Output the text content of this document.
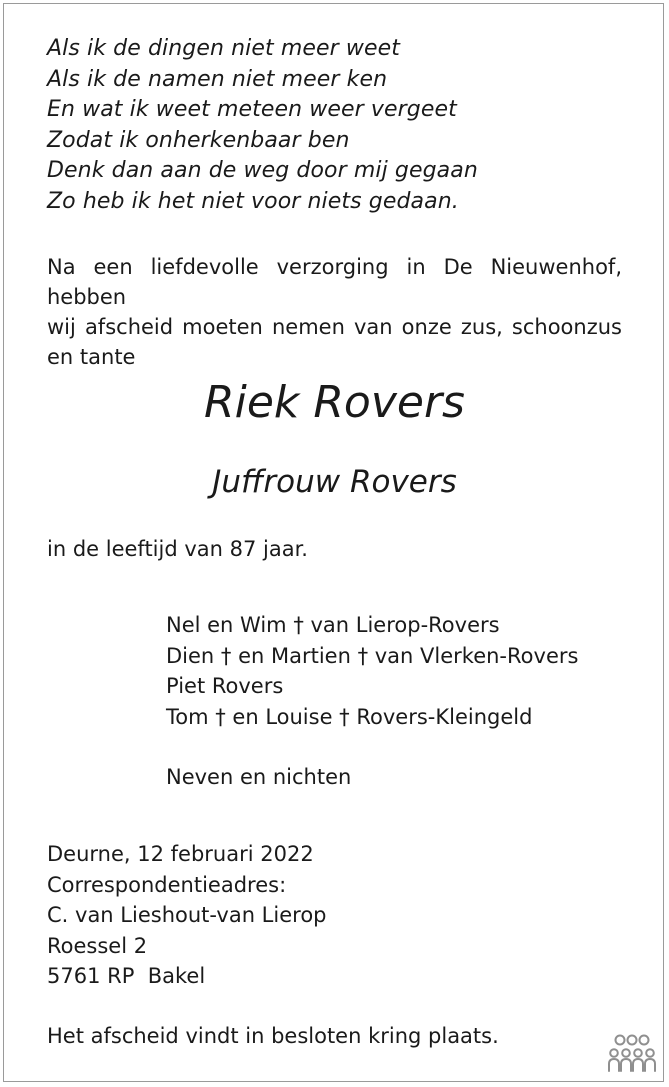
Als ik de dingen niet meer weet
Als ik de namen niet meer ken
En wat ik weet meteen weer vergeet
Zodat ik onherkenbaar ben
Denk dan aan de weg door mij gegaan
Zo heb ik het niet voor niets gedaan.
Na een liefdevolle verzorging in De Nieuwenhof, hebben
wij afscheid moeten nemen van onze zus, schoonzus
en tante
Riek Rovers
Juffrouw Rovers
in de leeftijd van 87 jaar.
Nel en Wim † van Lierop-Rovers
Dien † en Martien † van Vlerken-Rovers
Piet Rovers
Tom † en Louise † Rovers-Kleingeld
Neven en nichten
Deurne, 12 februari 2022
Correspondentieadres:
C. van Lieshout-van Lierop
Roessel 2
5761 RP  Bakel
Het afscheid vindt in besloten kring plaats.
